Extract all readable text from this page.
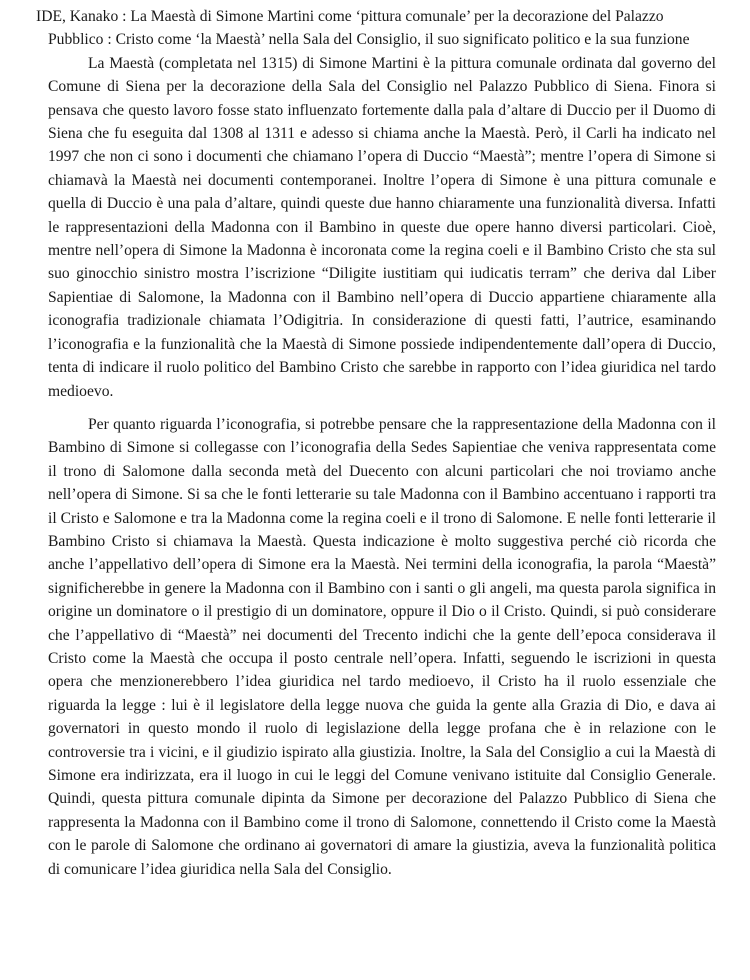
IDE, Kanako : La Maestà di Simone Martini come ‘pittura comunale’ per la decorazione del Palazzo Pubblico : Cristo come ‘la Maestà’ nella Sala del Consiglio, il suo significato politico e la sua funzione

La Maestà (completata nel 1315) di Simone Martini è la pittura comunale ordinata dal governo del Comune di Siena per la decorazione della Sala del Consiglio nel Palazzo Pubblico di Siena. Finora si pensava che questo lavoro fosse stato influenzato fortemente dalla pala d’altare di Duccio per il Duomo di Siena che fu eseguita dal 1308 al 1311 e adesso si chiama anche la Maestà. Però, il Carli ha indicato nel 1997 che non ci sono i documenti che chiamano l’opera di Duccio “Maestà”; mentre l’opera di Simone si chiamavà la Maestà nei documenti contemporanei. Inoltre l’opera di Simone è una pittura comunale e quella di Duccio è una pala d’altare, quindi queste due hanno chiaramente una funzionalità diversa. Infatti le rappresentazioni della Madonna con il Bambino in queste due opere hanno diversi particolari. Cioè, mentre nell’opera di Simone la Madonna è incoronata come la regina coeli e il Bambino Cristo che sta sul suo ginocchio sinistro mostra l’iscrizione “Diligite iustitiam qui iudicatis terram” che deriva dal Liber Sapientiae di Salomone, la Madonna con il Bambino nell’opera di Duccio appartiene chiaramente alla iconografia tradizionale chiamata l’Odigitria. In considerazione di questi fatti, l’autrice, esaminando l’iconografia e la funzionalità che la Maestà di Simone possiede indipendentemente dall’opera di Duccio, tenta di indicare il ruolo politico del Bambino Cristo che sarebbe in rapporto con l’idea giuridica nel tardo medioevo.

Per quanto riguarda l’iconografia, si potrebbe pensare che la rappresentazione della Madonna con il Bambino di Simone si collegasse con l’iconografia della Sedes Sapientiae che veniva rappresentata come il trono di Salomone dalla seconda metà del Duecento con alcuni particolari che noi troviamo anche nell’opera di Simone. Si sa che le fonti letterarie su tale Madonna con il Bambino accentuano i rapporti tra il Cristo e Salomone e tra la Madonna come la regina coeli e il trono di Salomone. E nelle fonti letterarie il Bambino Cristo si chiamava la Maestà. Questa indicazione è molto suggestiva perché ciò ricorda che anche l’appellativo dell’opera di Simone era la Maestà. Nei termini della iconografia, la parola “Maestà” significherebbe in genere la Madonna con il Bambino con i santi o gli angeli, ma questa parola significa in origine un dominatore o il prestigio di un dominatore, oppure il Dio o il Cristo. Quindi, si può considerare che l’appellativo di “Maestà” nei documenti del Trecento indichi che la gente dell’epoca considerava il Cristo come la Maestà che occupa il posto centrale nell’opera. Infatti, seguendo le iscrizioni in questa opera che menzionerebbero l’idea giuridica nel tardo medioevo, il Cristo ha il ruolo essenziale che riguarda la legge : lui è il legislatore della legge nuova che guida la gente alla Grazia di Dio, e dava ai governatori in questo mondo il ruolo di legislazione della legge profana che è in relazione con le controversie tra i vicini, e il giudizio ispirato alla giustizia. Inoltre, la Sala del Consiglio a cui la Maestà di Simone era indirizzata, era il luogo in cui le leggi del Comune venivano istituite dal Consiglio Generale. Quindi, questa pittura comunale dipinta da Simone per decorazione del Palazzo Pubblico di Siena che rappresenta la Madonna con il Bambino come il trono di Salomone, connettendo il Cristo come la Maestà con le parole di Salomone che ordinano ai governatori di amare la giustizia, aveva la funzionalità politica di comunicare l’idea giuridica nella Sala del Consiglio.
